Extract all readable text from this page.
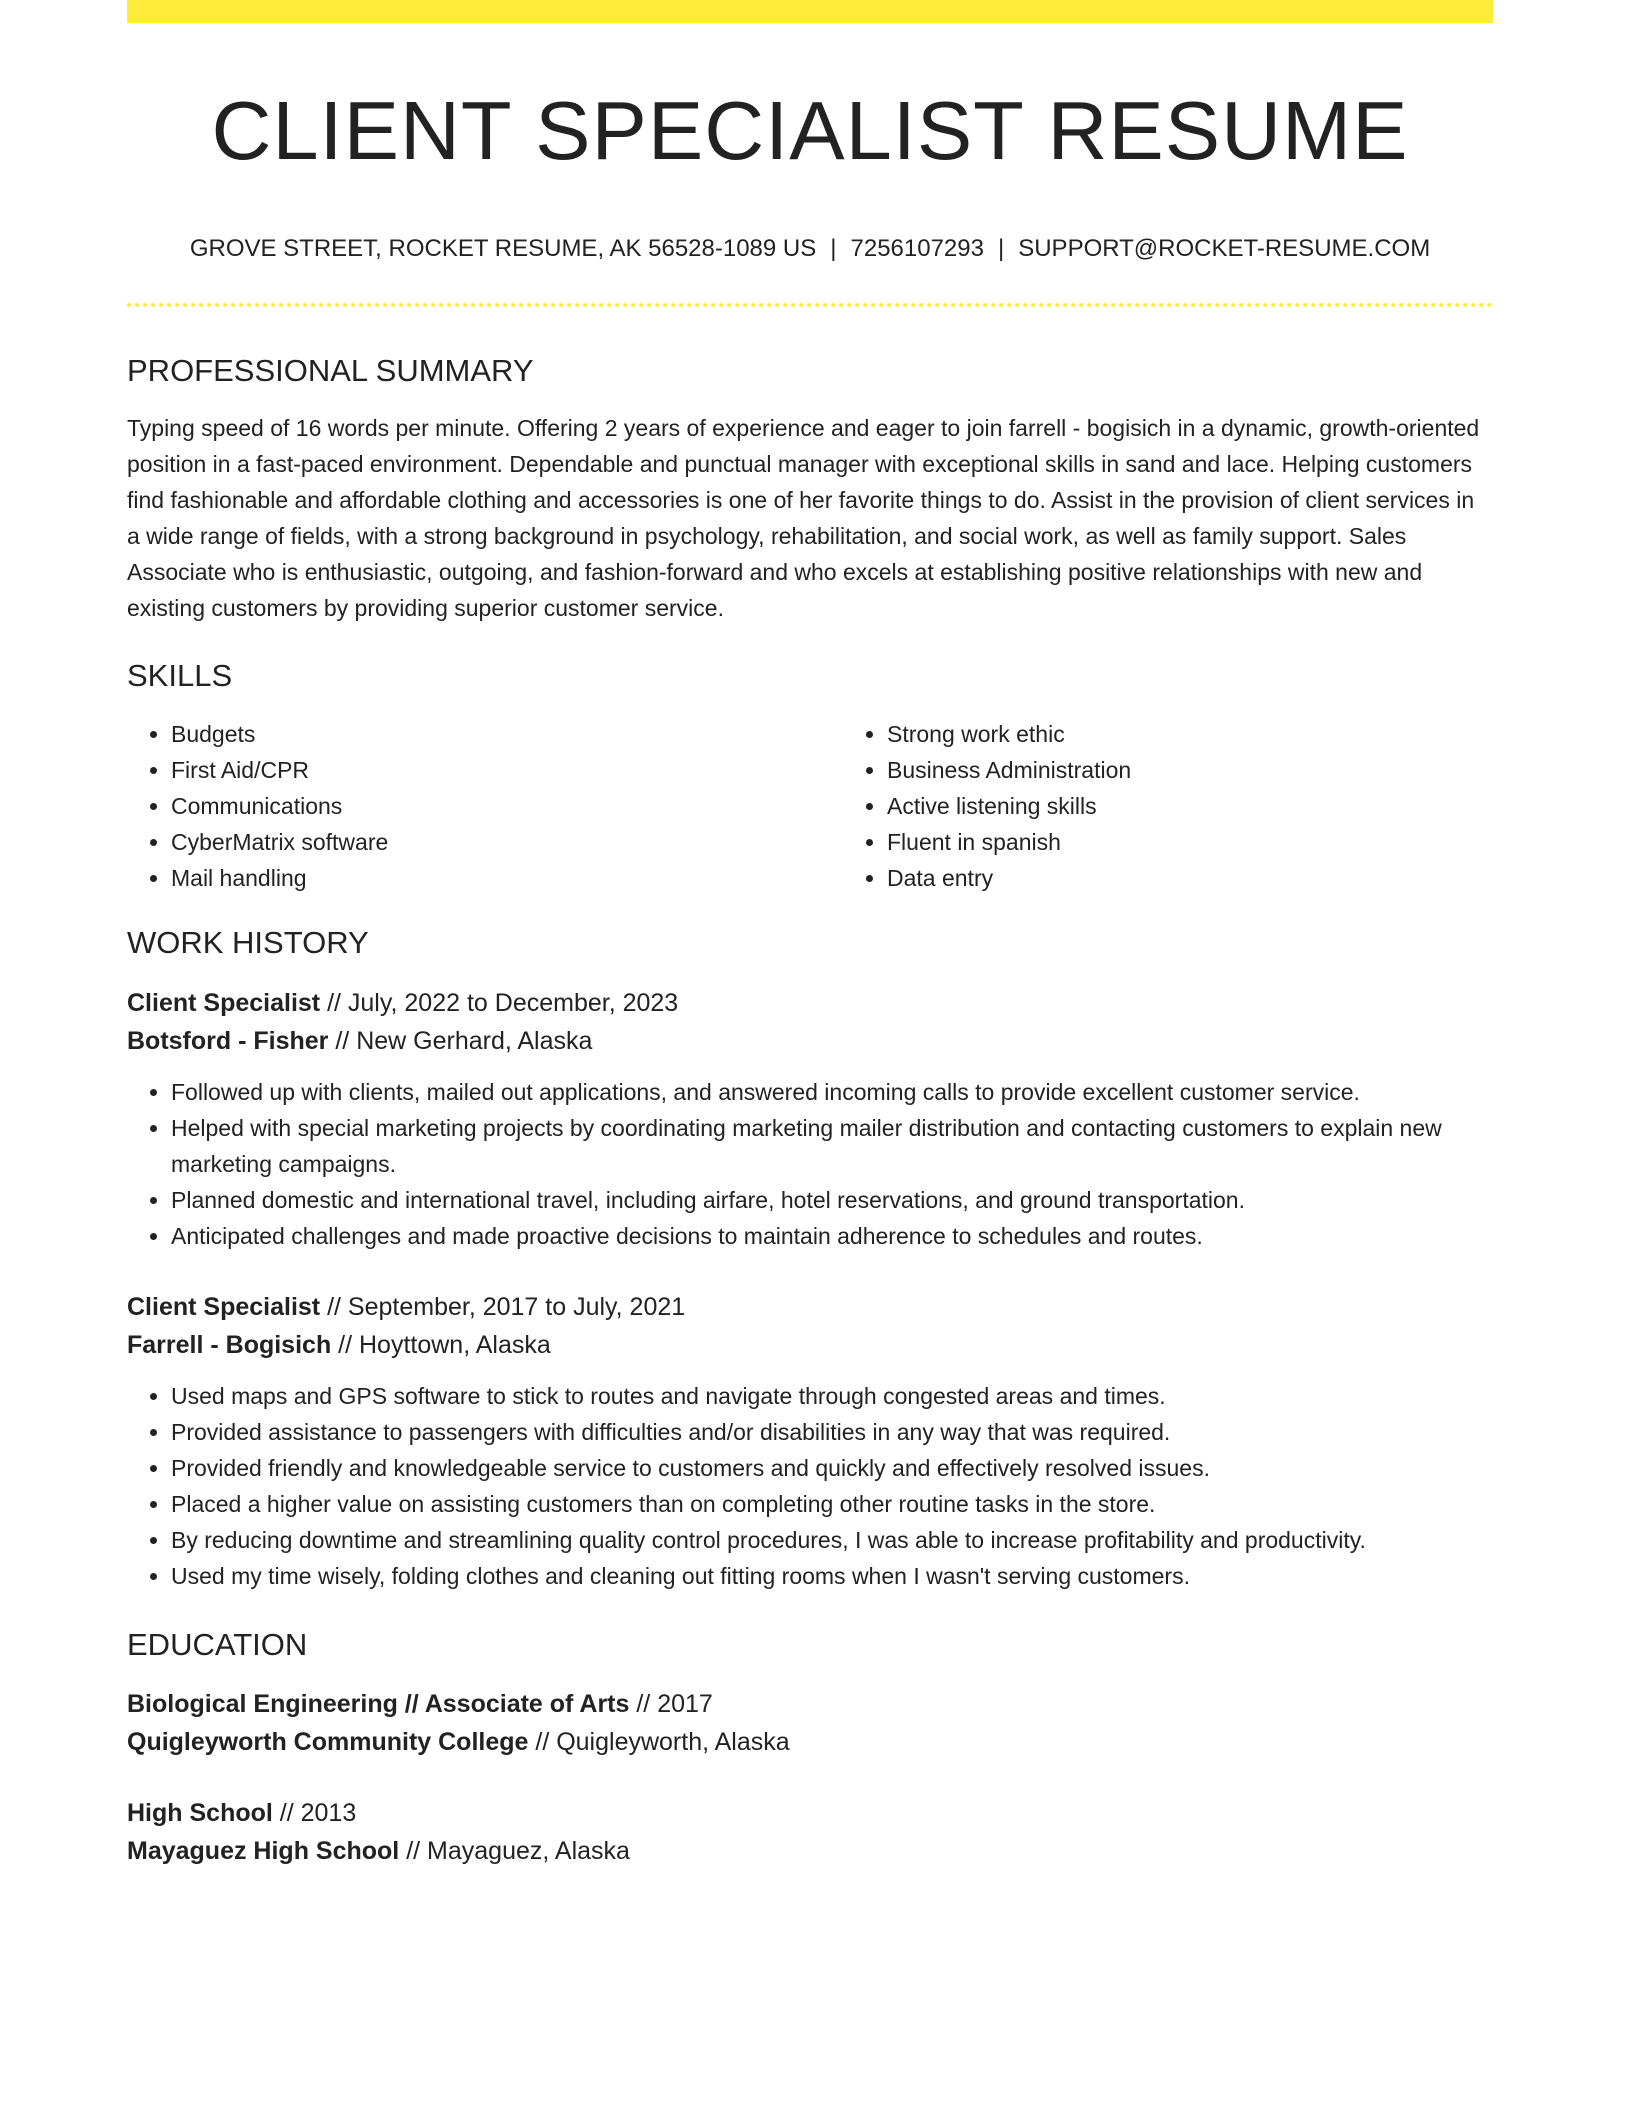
CLIENT SPECIALIST RESUME
GROVE STREET, ROCKET RESUME, AK 56528-1089 US | 7256107293 | SUPPORT@ROCKET-RESUME.COM
PROFESSIONAL SUMMARY

Typing speed of 16 words per minute. Offering 2 years of experience and eager to join farrell - bogisich in a dynamic, growth-oriented position in a fast-paced environment. Dependable and punctual manager with exceptional skills in sand and lace. Helping customers find fashionable and affordable clothing and accessories is one of her favorite things to do. Assist in the provision of client services in a wide range of fields, with a strong background in psychology, rehabilitation, and social work, as well as family support. Sales Associate who is enthusiastic, outgoing, and fashion-forward and who excels at establishing positive relationships with new and existing customers by providing superior customer service.

SKILLS
• Budgets
• First Aid/CPR
• Communications
• CyberMatrix software
• Mail handling
• Strong work ethic
• Business Administration
• Active listening skills
• Fluent in spanish
• Data entry
WORK HISTORY
Client Specialist // July, 2022 to December, 2023
Botsford - Fisher // New Gerhard, Alaska
• Followed up with clients, mailed out applications, and answered incoming calls to provide excellent customer service.
• Helped with special marketing projects by coordinating marketing mailer distribution and contacting customers to explain new marketing campaigns.
• Planned domestic and international travel, including airfare, hotel reservations, and ground transportation.
• Anticipated challenges and made proactive decisions to maintain adherence to schedules and routes.
Client Specialist // September, 2017 to July, 2021
Farrell - Bogisich // Hoyttown, Alaska
• Used maps and GPS software to stick to routes and navigate through congested areas and times.
• Provided assistance to passengers with difficulties and/or disabilities in any way that was required.
• Provided friendly and knowledgeable service to customers and quickly and effectively resolved issues.
• Placed a higher value on assisting customers than on completing other routine tasks in the store.
• By reducing downtime and streamlining quality control procedures, I was able to increase profitability and productivity.
• Used my time wisely, folding clothes and cleaning out fitting rooms when I wasn't serving customers.
EDUCATION
Biological Engineering // Associate of Arts // 2017
Quigleyworth Community College // Quigleyworth, Alaska
High School // 2013
Mayaguez High School // Mayaguez, Alaska
